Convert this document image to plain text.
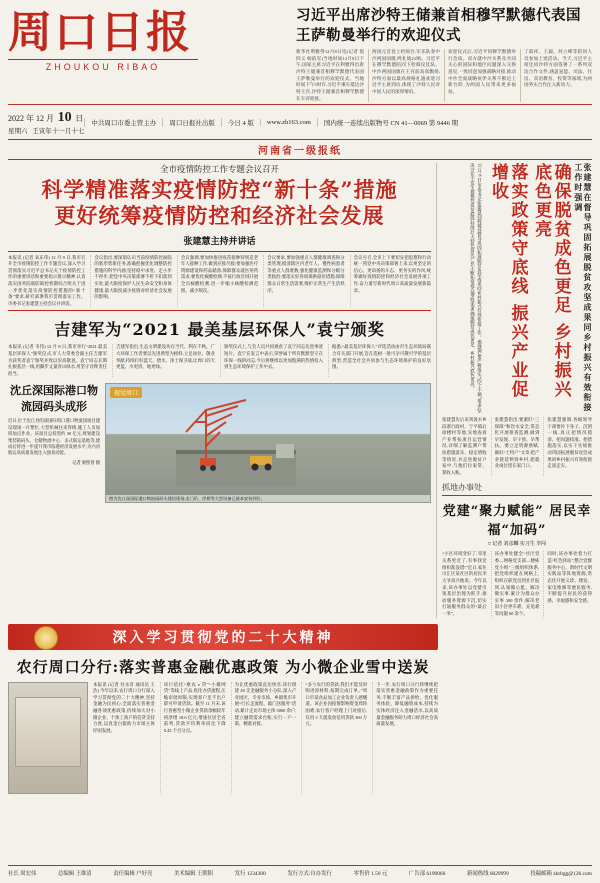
周口日报
ZHOUKOU RIBAO
习近平出席沙特王储兼首相穆罕默德代表国王萨勒曼举行的欢迎仪式
新华社利雅得12月8日电(记者 倪四义 杨依军)当地时间12月8日下午,国家主席习近平在利雅得出席沙特王储兼首相穆罕默德代表国王萨勒曼举行的欢迎仪式。当地时间下午5时许,习近平乘车抵达沙特王宫,沙特王储兼首相穆罕默德在车旁迎接。
两国元首登上检阅台,军乐队奏中沙两国国歌,鸣礼炮21响。习近平在穆罕默德陪同下检阅仪仗队。中沙两国国旗在王宫前高高飘扬,沙特方面以最高规格礼遇欢迎习近平主席到访,体现了沙特人民对中国人民的深厚情谊。
欢迎仪式后,习近平同穆罕默德举行会谈。双方就中沙关系及共同关心的国际和地区问题深入交换意见,一致同意加强战略对接,推动中沙全面战略伙伴关系不断迈上新台阶,为两国人民带来更多福祉。
丁薛祥、王毅、何立峰等陪同人员参加上述活动。当天,习近平主席还同沙特方面签署了一系列双边合作文件,涵盖氢能、司法、住房、双语教育、投资等领域,为两国务实合作注入新动力。
2022 年 12 月 10 日
星期六 壬寅年十一月十七
中共周口市委主管主办	周口日报社出版	今日 4 版	www.zh163.com	国内统一连续出版物号 CN 41—0069 第 9446 期
河南省一级报纸
全市疫情防控工作专题会议召开
科学精准落实疫情防控“新十条”措施
更好统筹疫情防控和经济社会发展
张建慧主持并讲话
本报讯 (记者 朱东伟) 12 月 9 日,我市召开全市疫情防控工作专题会议,深入学习贯彻落实习近平总书记关于疫情防控工作的重要讲话和重要指示批示精神,认真落实国务院联防联控机制综合组关于进一步优化落实疫情防控措施的“新十条”要求,研究部署我市贯彻落实工作。市委书记张建慧主持会议并讲话。
会议指出,要深刻认识当前疫情防控面临的新形势新任务,准确把握优化调整防控措施的科学内涵,坚持稳中求进、走小步不停步,把党中央决策部署不折不扣落到实处,最大限度保护人民生命安全和身体健康,最大限度减少疫情对经济社会发展的影响。
会议强调,要加快推进疫苗接种特别是老年人接种工作,做到应接尽接;要加强医疗资源建设和药品储备,保障群众就医用药需求;要优化核酸检测,不按行政区域开展全员核酸检测,进一步缩小核酸检测范围、减少频次。
会议要求,要加强重点人群健康调查和分类管理,摸清辖区内老年人、慢性病患者等重点人群底数,强化健康监测和分级分类救治;要落实好各项保供稳价措施,保障群众日常生活需要,维护正常生产生活秩序。
会议号召,全市上下要切实把思想和行动统一到党中央决策部署上来,以更坚定的信心、更昂扬的斗志、更务实的作风,统筹做好疫情防控和经济社会发展各项工作,奋力谱写新时代周口高质量发展新篇章。
吉建军为“2021 最美基层环保人”袁宁颁奖
本报讯 (记者 韦伟) 12 月 8 日,我市举行“2021 最美基层环保人”颁奖仪式,市人大常委会副主任吉建军为获奖者袁宁颁奖并致以崇高敬意。袁宁同志长期扎根基层一线,用脚步丈量青山绿水,用坚守诠释责任担当。
吉建军指出,生态文明建设功在当代、利在千秋。广大环保工作者要以先进典型为榜样,立足岗位、敬业奉献,持续打好蓝天、碧水、净土保卫战,让周口的天更蓝、水更清、地更绿。
颁奖仪式上,与会人员共同观看了袁宁同志先进事迹短片。袁宁在发言中表示,荣誉属于所有默默坚守在环保一线的同志,今后将继续以更加饱满的热情投入到生态环境保护工作中去。
据悉,“最美基层环保人”评选活动由市生态环境局联合有关部门开展,旨在选树一批可亲可敬可学的基层典型,营造全社会共同参与生态环境保护的良好氛围。
沈丘深国际港口物流园码头成形
近日,位于沈丘县的深国际周口港口物流园项目建设现场一片繁忙,大型机械往来穿梭,施工人员加班加点作业。该项目总投资约 30 亿元,规划建设集装箱码头、仓储物流中心、多式联运基地等,建成后将进一步提升我市临港经济发展水平,为内河航运高质量发展注入强劲动能。
记者 梁照曾 摄
视觉周口
图为沈丘深国际港口物流园码头建设现场,龙门吊、岸桥等大型设备已基本安装到位。
张建慧在督导巩固拓展脱贫攻坚成果同乡村振兴有效衔接工作时强调
确保脱贫成色更足 乡村振兴底色更亮
落实政策守底线 振兴产业促增收
12 月 8 日,市委书记张建慧到郸城县督导巩固拓展脱贫攻坚成果同乡村振兴有效衔接工作。他强调,要严格落实“四个不摘”要求,坚决守住不发生规模性返贫底线,持续壮大特色富民产业,不断拓宽群众增收渠道,确保脱贫成色更足、乡村振兴底色更亮。
张建慧先后来到汲水乡段寨行政村、宁平镇后徐楼村等地,实地查看产业帮扶项目运营情况,详细了解监测户帮扶措施落实、稳定增收等情况,并走进脱贫户家中,与他们拉家常、算收入账。
张建慧指出,要紧盯“三保障”和饮水安全,常态化开展排查监测,做到早发现、早干预、早帮扶。要立足资源禀赋,做好“土特产”文章,把产业链延伸到乡村,把就业岗位留在家门口。
张建慧强调,各级领导干部要扑下身子、沉到一线,真正把情况摸清、把问题找准、把措施落实,以实干实绩推动巩固拓展脱贫攻坚成果同乡村振兴有效衔接走深走实。
抓地办事处
党建“聚力赋能” 居民幸福“加码”
□ 记者 刘彦麟 实习生 李闯
“小区环境变好了,邻里关系更近了,有事找党组织准没错!”近日,家住川汇区某社区的居民李大爷高兴地说。今年以来,该办事处以党建引领基层治理为抓手,推动服务资源下沉,切实打通服务群众的“最后一米”。
该办事处健全“社区党委—网格党支部—楼栋党小组”三级组织体系,把党组织建在网格上,组织在职党员到社区报到,认领微心愿、解决微实事,累计为群众办实事 300 余件,解决老旧小区停车难、充电难等问题 60 余个。
同时,该办事处着力打造“红色驿站”,整合党群服务中心、新时代文明实践站等阵地资源,常态化开展义诊、理发、家电维修等便民服务,不断提升居民的获得感、幸福感和安全感。
深入学习贯彻党的二十大精神
农行周口分行:落实普惠金融优惠政策 为小微企业雪中送炭
本报讯 (记者 付永奇 通讯员 王浩) 今年以来,农行周口分行深入学习贯彻党的二十大精神,坚持金融为民初心,全面落实普惠金融各项优惠政策,持续加大对小微企业、个体工商户的信贷支持力度,以真金白银助力市场主体纾困发展。
该行依托“惠农 e 贷”“小微网贷”等线上产品,优化办贷流程,压缩审批时限,实现客户足不出户即可申请贷款。截至 11 月末,该行普惠型小微企业贷款余额较年初净增 18.6 亿元,增速位居全省前列,贷款平均利率同比下降 0.45 个百分点。
为让优惠政策直达快享,该行组建 28 支金融服务小分队,深入产业园区、专业市场、乡镇集市开展“行长走流程、敲门送服务”活动,累计走访市场主体 5000 余户,建立融资需求台账,实行一户一策、精准对接。
“多亏农行的贷款,我们才能及时购进原材料,按期完成订单。”周口市某食品加工企业负责人感慨道。该企业因疫情影响资金周转困难,农行客户经理上门对接后,仅用 3 天就发放信用贷款 300 万元。
下一步,农行周口分行将继续把落实普惠金融政策作为重要任务,不断丰富产品供给、优化服务体验、降低融资成本,持续为实体经济注入金融活水,以高质量金融服务助力周口经济社会高质量发展。
社长 周宏伟	总编辑 王维清	责任编辑 户好亮	美术编辑 王朝阳	发行 1234300	发行方式:自办发行	零售价 1.50 元	广告部 6190066	新闻热线 6029999	投稿邮箱 zkrbgg@126.com
